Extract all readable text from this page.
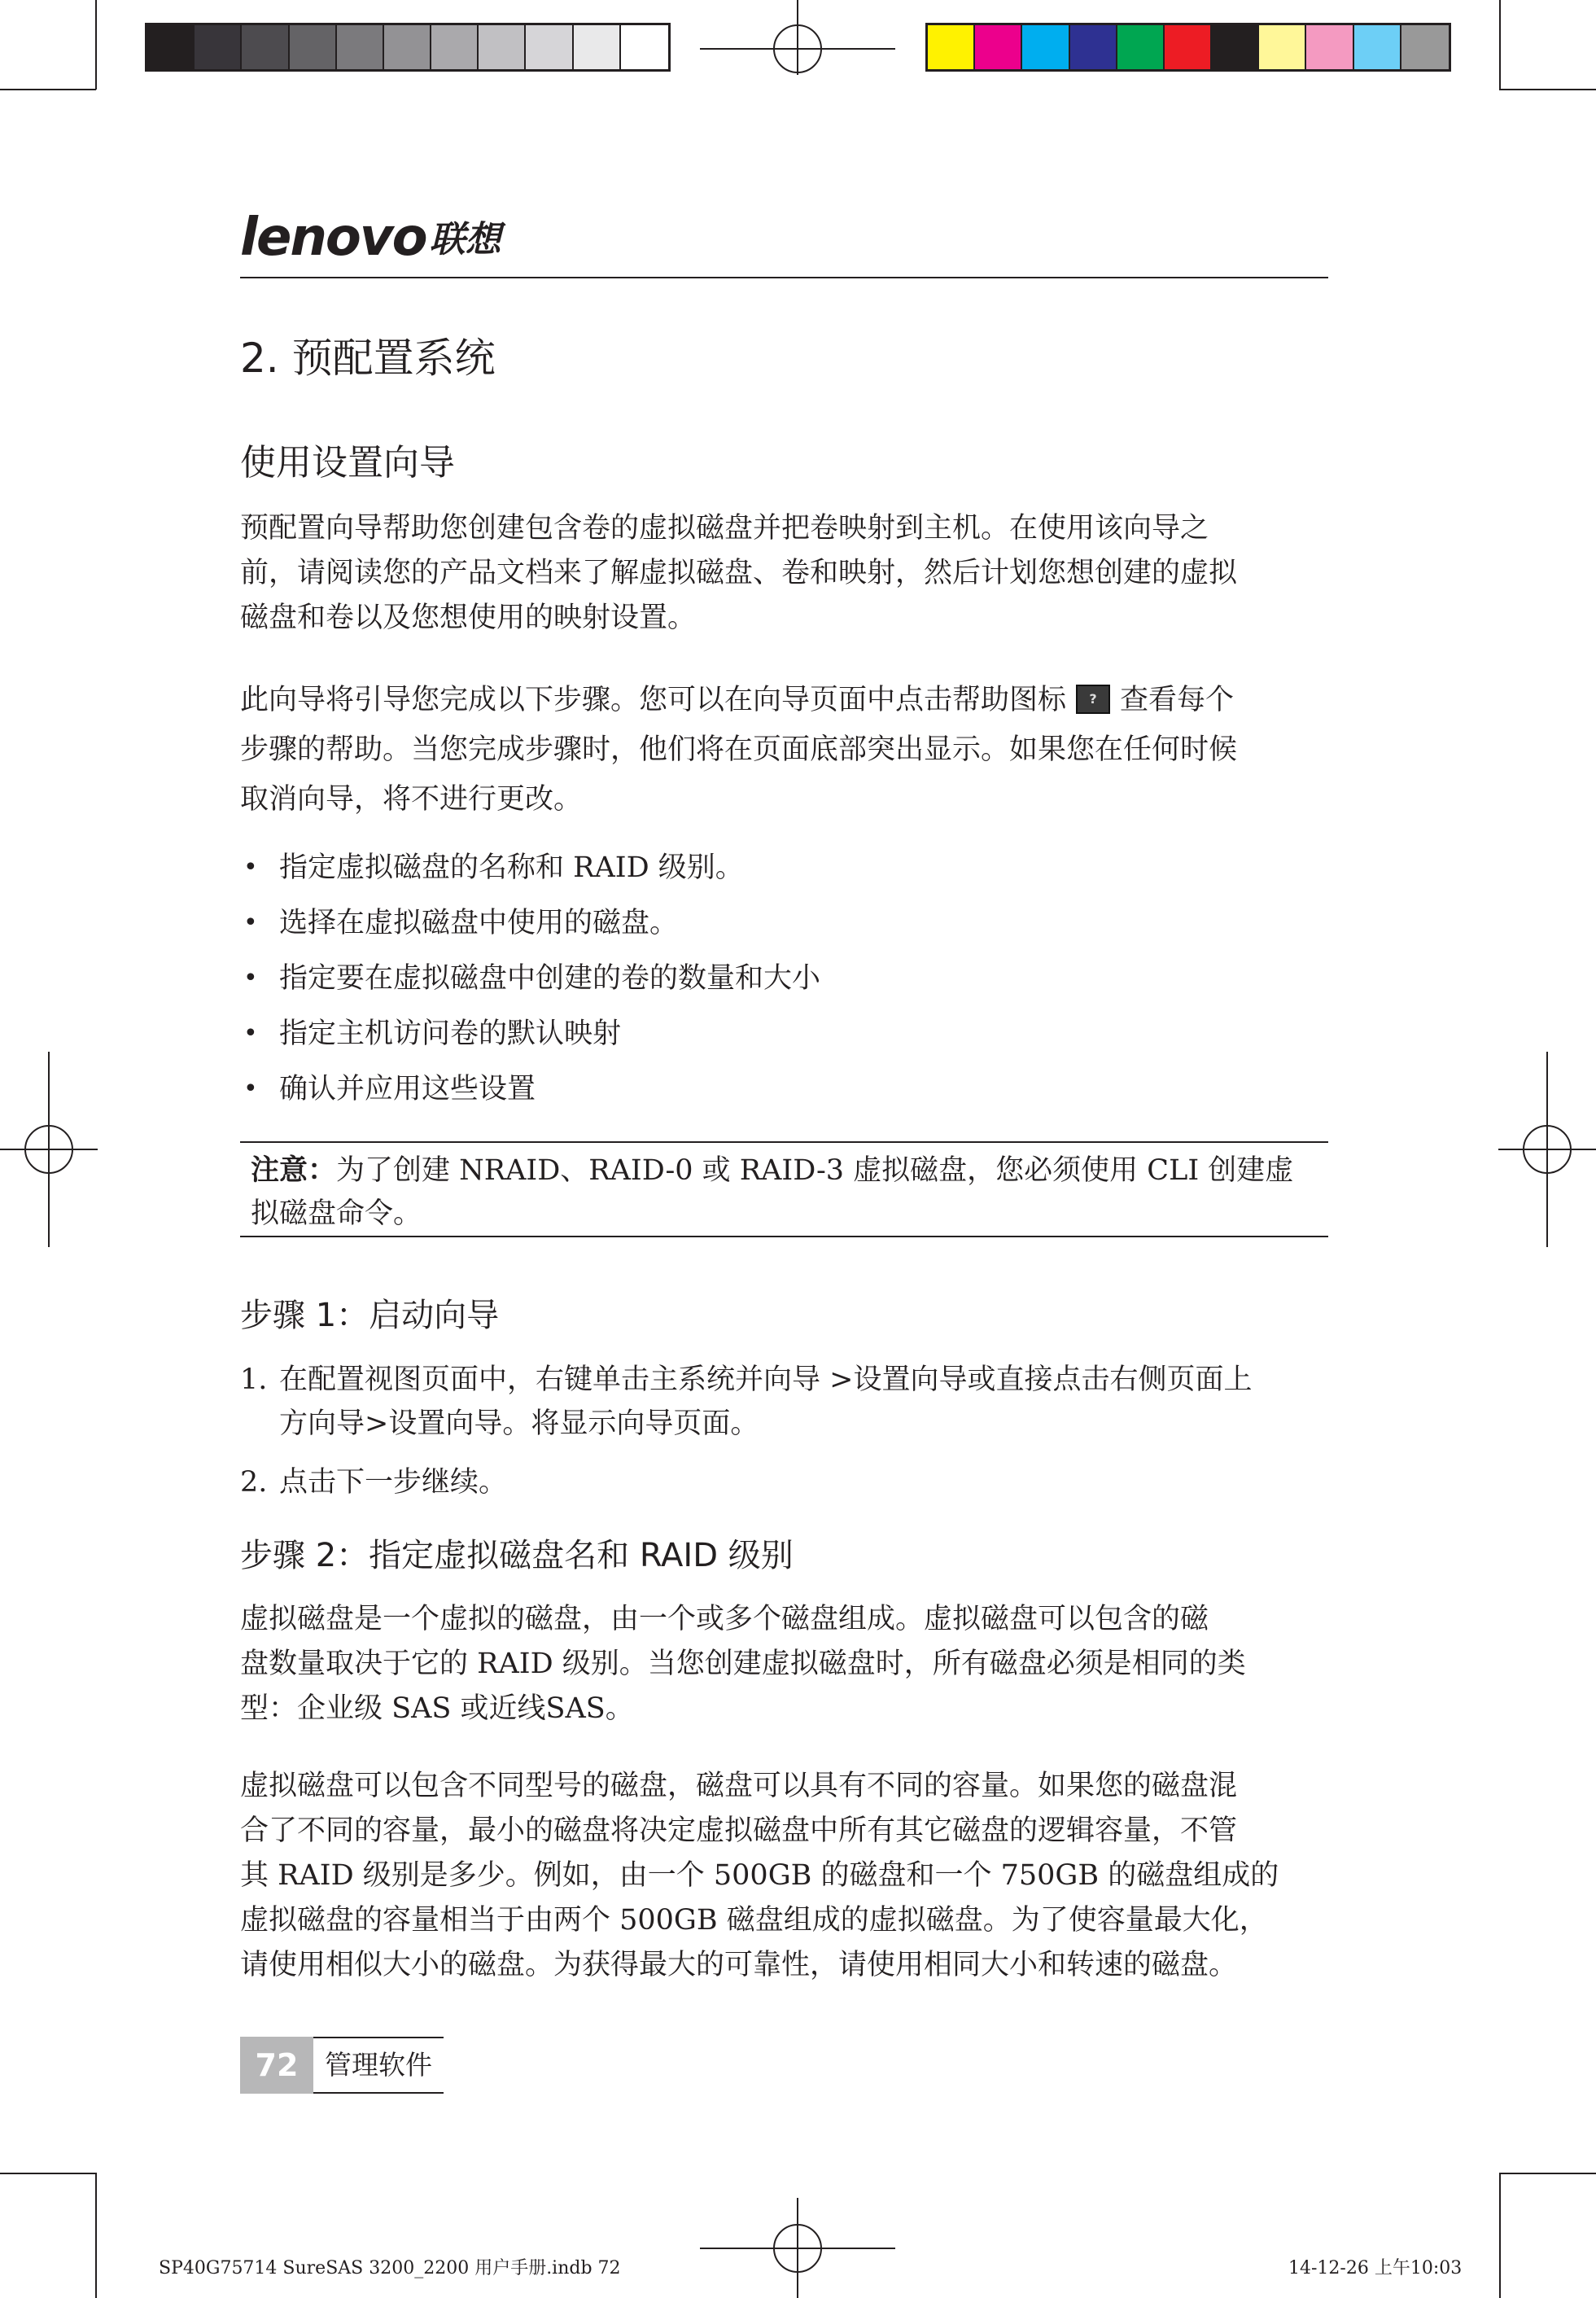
lenovo 联想
2. 预配置系统
使用设置向导
预配置向导帮助您创建包含卷的虚拟磁盘并把卷映射到主机。在使用该向导之
前，请阅读您的产品文档来了解虚拟磁盘、卷和映射，然后计划您想创建的虚拟
磁盘和卷以及您想使用的映射设置。
此向导将引导您完成以下步骤。您可以在向导页面中点击帮助图标	? 查看每个
步骤的帮助。当您完成步骤时，他们将在页面底部突出显示。如果您在任何时候
取消向导，将不进行更改。
• 指定虚拟磁盘的名称和 RAID 级别。
• 选择在虚拟磁盘中使用的磁盘。
• 指定要在虚拟磁盘中创建的卷的数量和大小
• 指定主机访问卷的默认映射
• 确认并应用这些设置
注意：为了创建 NRAID、RAID-0 或 RAID-3 虚拟磁盘，您必须使用 CLI 创建虚
拟磁盘命令。
步骤 1：启动向导
1. 在配置视图页面中，右键单击主系统并向导 >设置向导或直接点击右侧页面上
方向导>设置向导。将显示向导页面。
2. 点击下一步继续。
步骤 2：指定虚拟磁盘名和 RAID 级别
虚拟磁盘是一个虚拟的磁盘，由一个或多个磁盘组成。虚拟磁盘可以包含的磁
盘数量取决于它的 RAID 级别。当您创建虚拟磁盘时，所有磁盘必须是相同的类
型：企业级 SAS 或近线SAS。
虚拟磁盘可以包含不同型号的磁盘，磁盘可以具有不同的容量。如果您的磁盘混
合了不同的容量，最小的磁盘将决定虚拟磁盘中所有其它磁盘的逻辑容量，不管
其 RAID 级别是多少。例如，由一个 500GB 的磁盘和一个 750GB 的磁盘组成的
虚拟磁盘的容量相当于由两个 500GB 磁盘组成的虚拟磁盘。为了使容量最大化，
请使用相似大小的磁盘。为获得最大的可靠性，请使用相同大小和转速的磁盘。
72 管理软件
SP40G75714 SureSAS 3200_2200 用户手册.indb 72	14-12-26 上午10:03
